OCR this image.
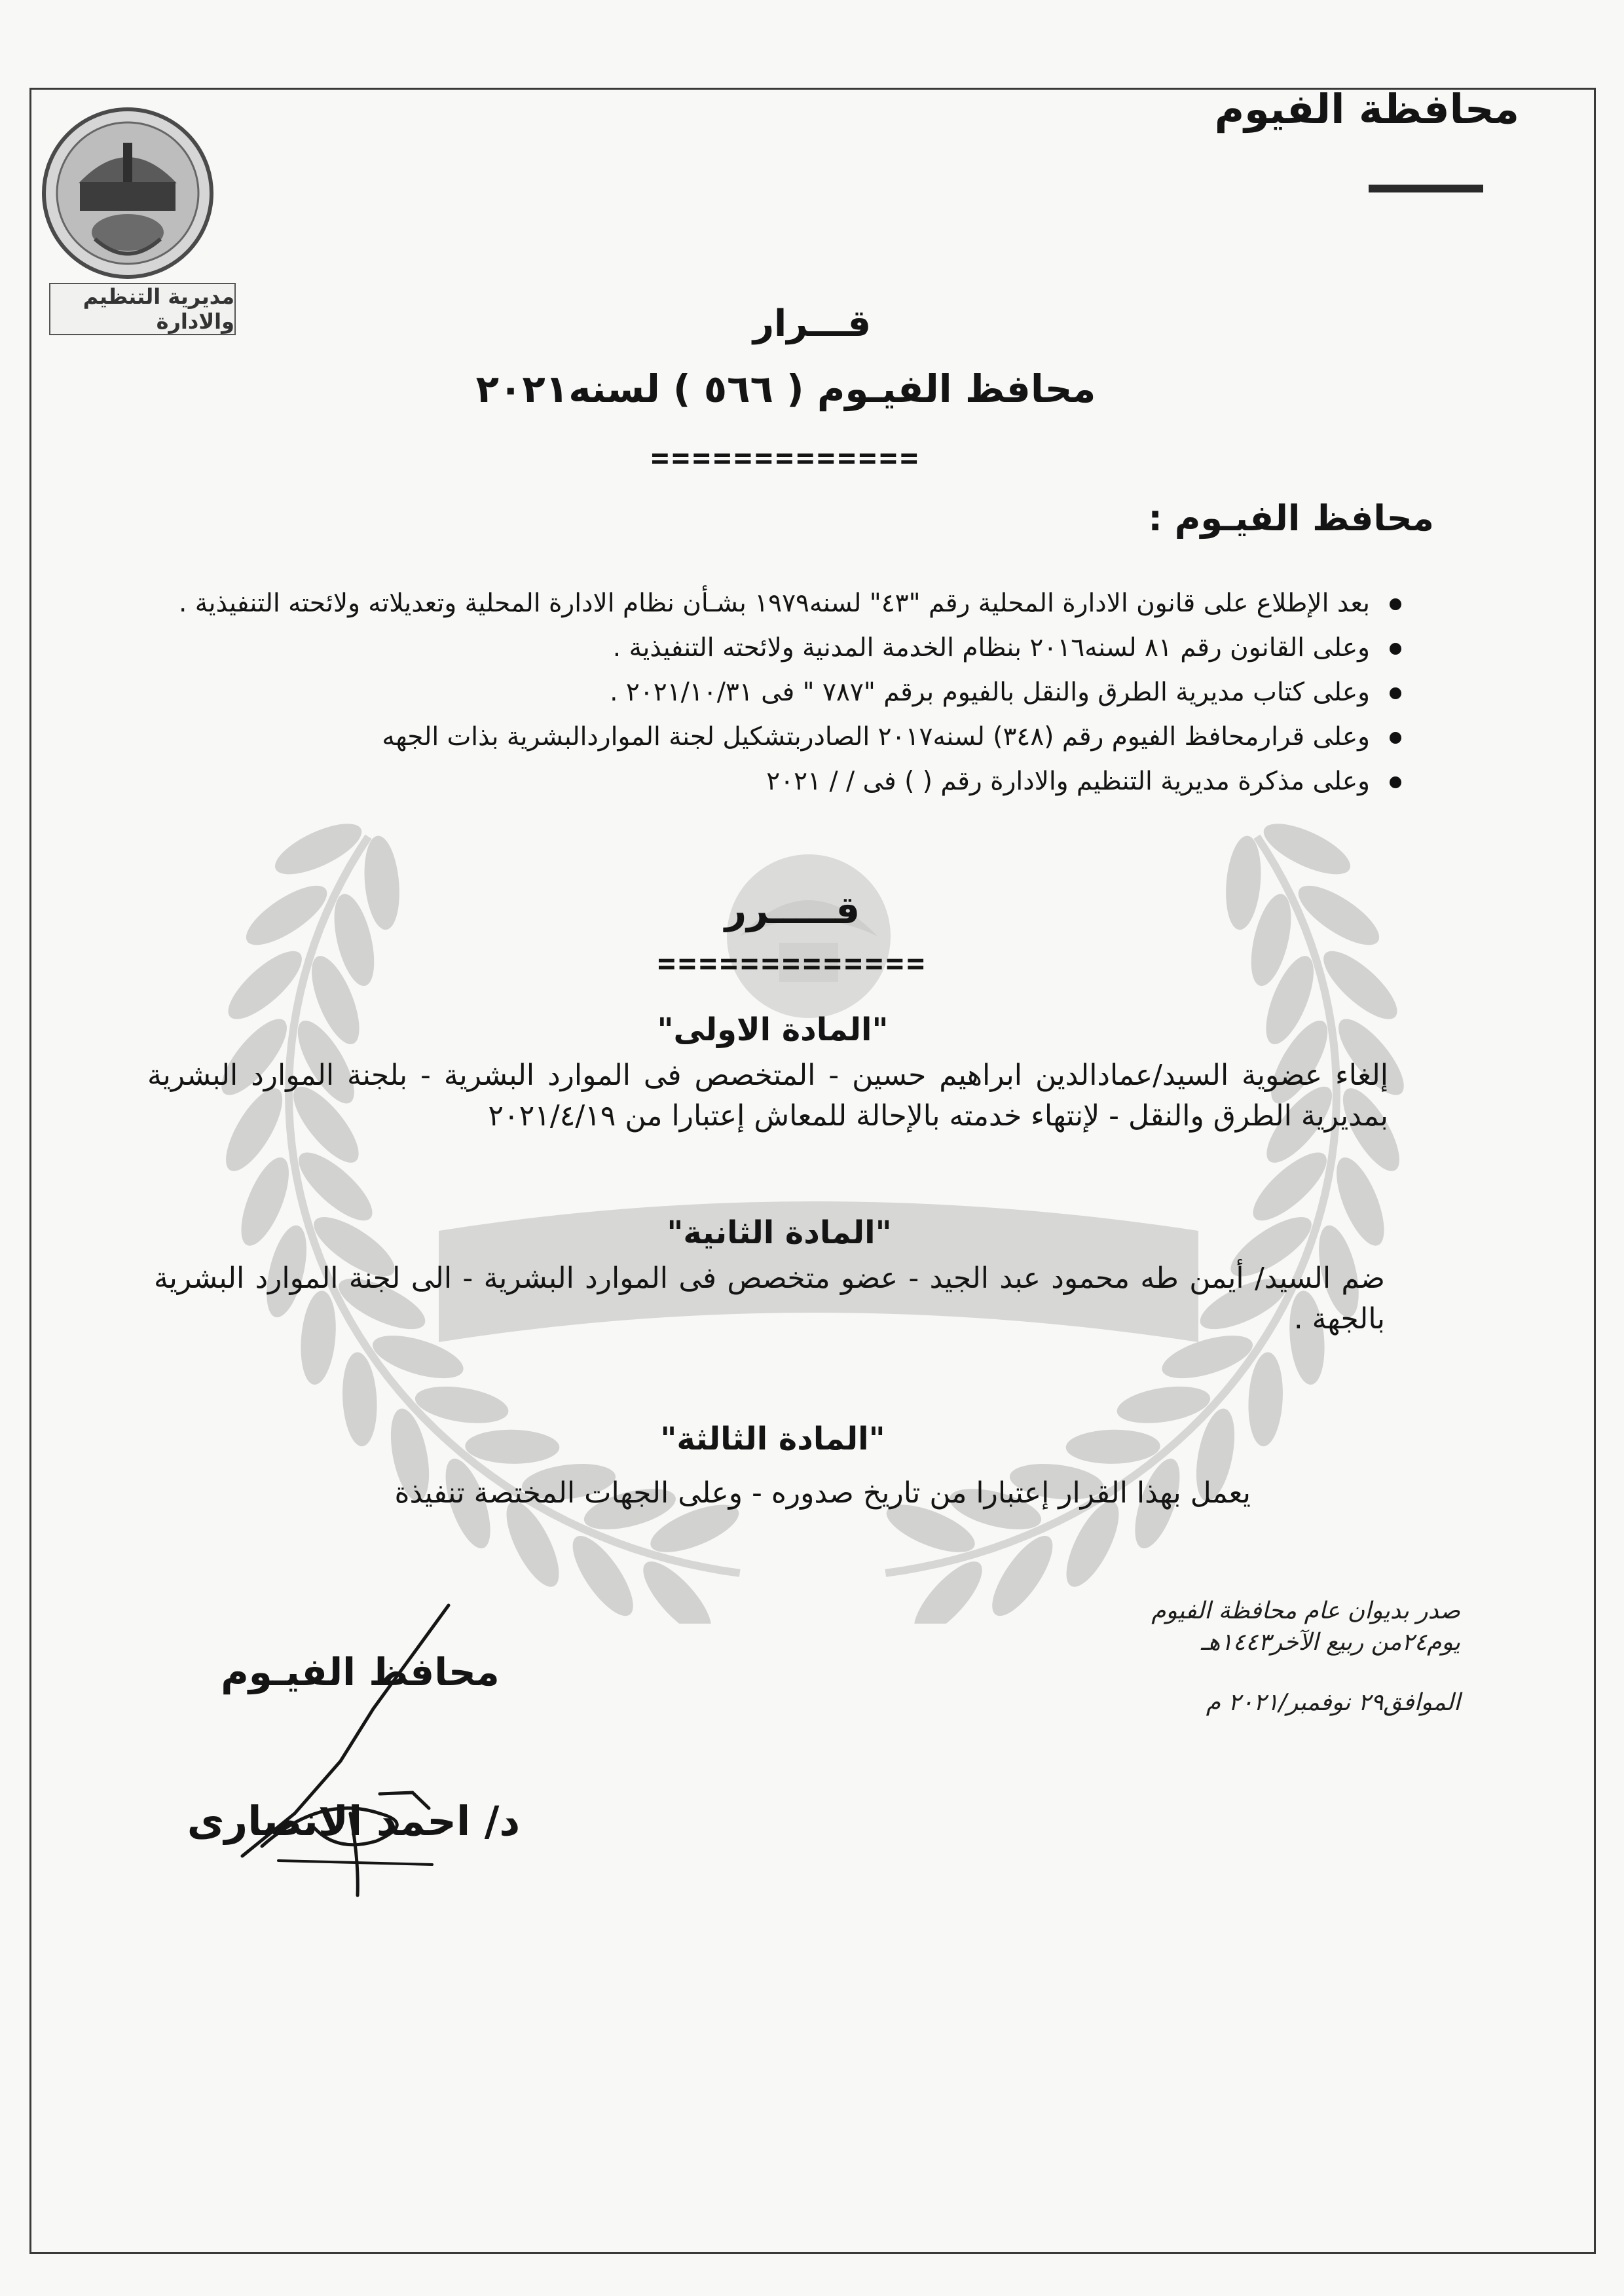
محافظة الفيوم
مديرية التنظيم والادارة	قـــرار
محافظ الفيـوم ( ٥٦٦ ) لسنه٢٠٢١
=============
محافظ الفيـوم :
بعد الإطلاع على قانون الادارة المحلية رقم "٤٣" لسنه١٩٧٩ بشـأن نظام الادارة المحلية وتعديلاته ولائحته التنفيذية .
وعلى القانون رقم ٨١ لسنه٢٠١٦ بنظام الخدمة المدنية ولائحته التنفيذية .
وعلى كتاب مديرية الطرق والنقل بالفيوم برقم "٧٨٧ " فى ٢٠٢١/١٠/٣١ .
وعلى قرارمحافظ الفيوم رقم (٣٤٨) لسنه٢٠١٧ الصادربتشكيل لجنة المواردالبشرية بذات الجهه
وعلى مذكرة مديرية التنظيم والادارة رقم ( ) فى / / ٢٠٢١
قـــــرر
=============
"المادة الاولى"
إلغاء عضوية السيد/عمادالدين ابراهيم حسين - المتخصص فى الموارد البشرية - بلجنة الموارد البشرية بمديرية الطرق والنقل - لإنتهاء خدمته بالإحالة للمعاش إعتبارا من ٢٠٢١/٤/١٩
"المادة الثانية"
ضم السيد/ أيمن طه محمود عبد الجيد - عضو متخصص فى الموارد البشرية - الى لجنة الموارد البشرية بالجهة .
"المادة الثالثة"
يعمل بهذا القرار إعتبارا من تاريخ صدوره - وعلى الجهات المختصة تنفيذة
صدر بديوان عام محافظة الفيوم
يوم٢٤من ربيع الآخر١٤٤٣هـ
الموافق٢٩ نوفمبر/٢٠٢١ م
محافظ الفيـوم
د/ احمد الانصارى
